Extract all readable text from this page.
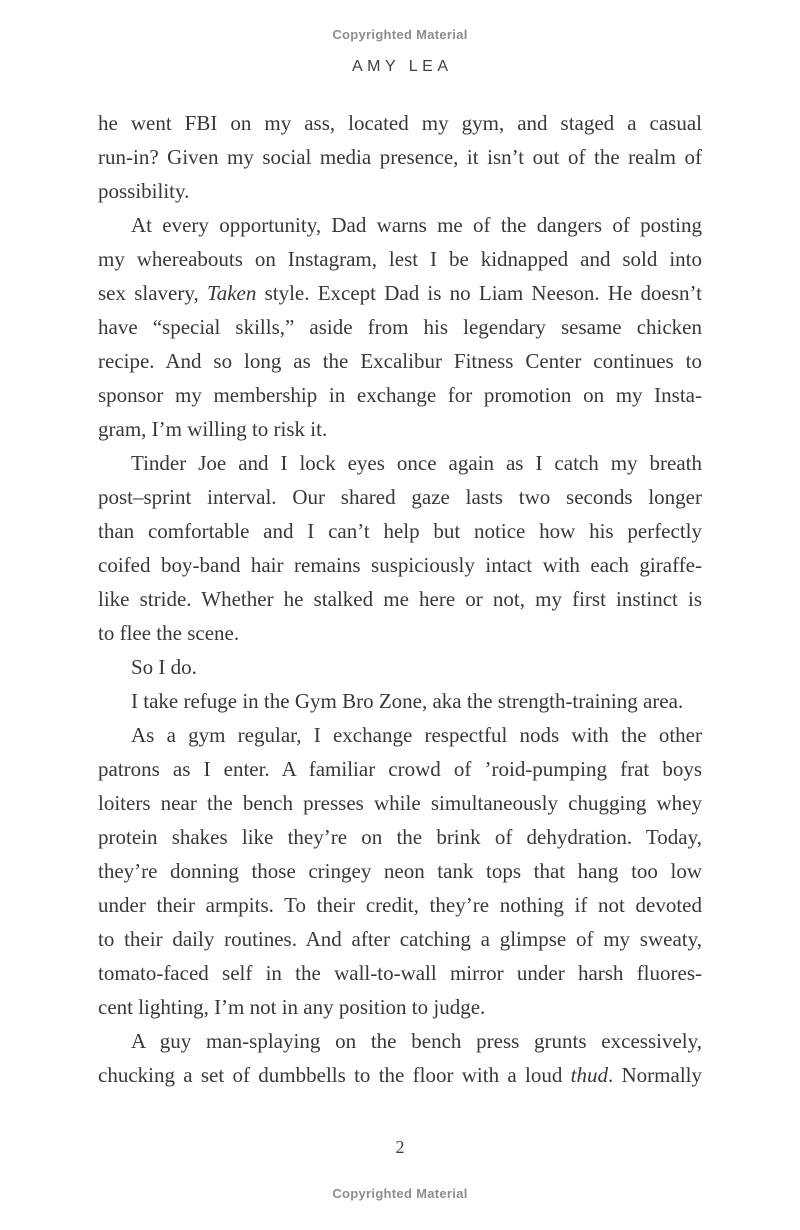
Copyrighted Material
AMY LEA
he went FBI on my ass, located my gym, and staged a casual
run-in? Given my social media presence, it isn’t out of the realm of
possibility.
At every opportunity, Dad warns me of the dangers of posting
my whereabouts on Instagram, lest I be kidnapped and sold into
sex slavery, Taken style. Except Dad is no Liam Neeson. He doesn’t
have “special skills,” aside from his legendary sesame chicken
recipe. And so long as the Excalibur Fitness Center continues to
sponsor my membership in exchange for promotion on my Insta-
gram, I’m willing to risk it.
Tinder Joe and I lock eyes once again as I catch my breath
post–sprint interval. Our shared gaze lasts two seconds longer
than comfortable and I can’t help but notice how his perfectly
coifed boy-band hair remains suspiciously intact with each giraffe-
like stride. Whether he stalked me here or not, my first instinct is
to flee the scene.
So I do.
I take refuge in the Gym Bro Zone, aka the strength-training area.
As a gym regular, I exchange respectful nods with the other
patrons as I enter. A familiar crowd of ’roid-pumping frat boys
loiters near the bench presses while simultaneously chugging whey
protein shakes like they’re on the brink of dehydration. Today,
they’re donning those cringey neon tank tops that hang too low
under their armpits. To their credit, they’re nothing if not devoted
to their daily routines. And after catching a glimpse of my sweaty,
tomato-faced self in the wall-to-wall mirror under harsh fluores-
cent lighting, I’m not in any position to judge.
A guy man-splaying on the bench press grunts excessively,
chucking a set of dumbbells to the floor with a loud thud. Normally
2
Copyrighted Material
